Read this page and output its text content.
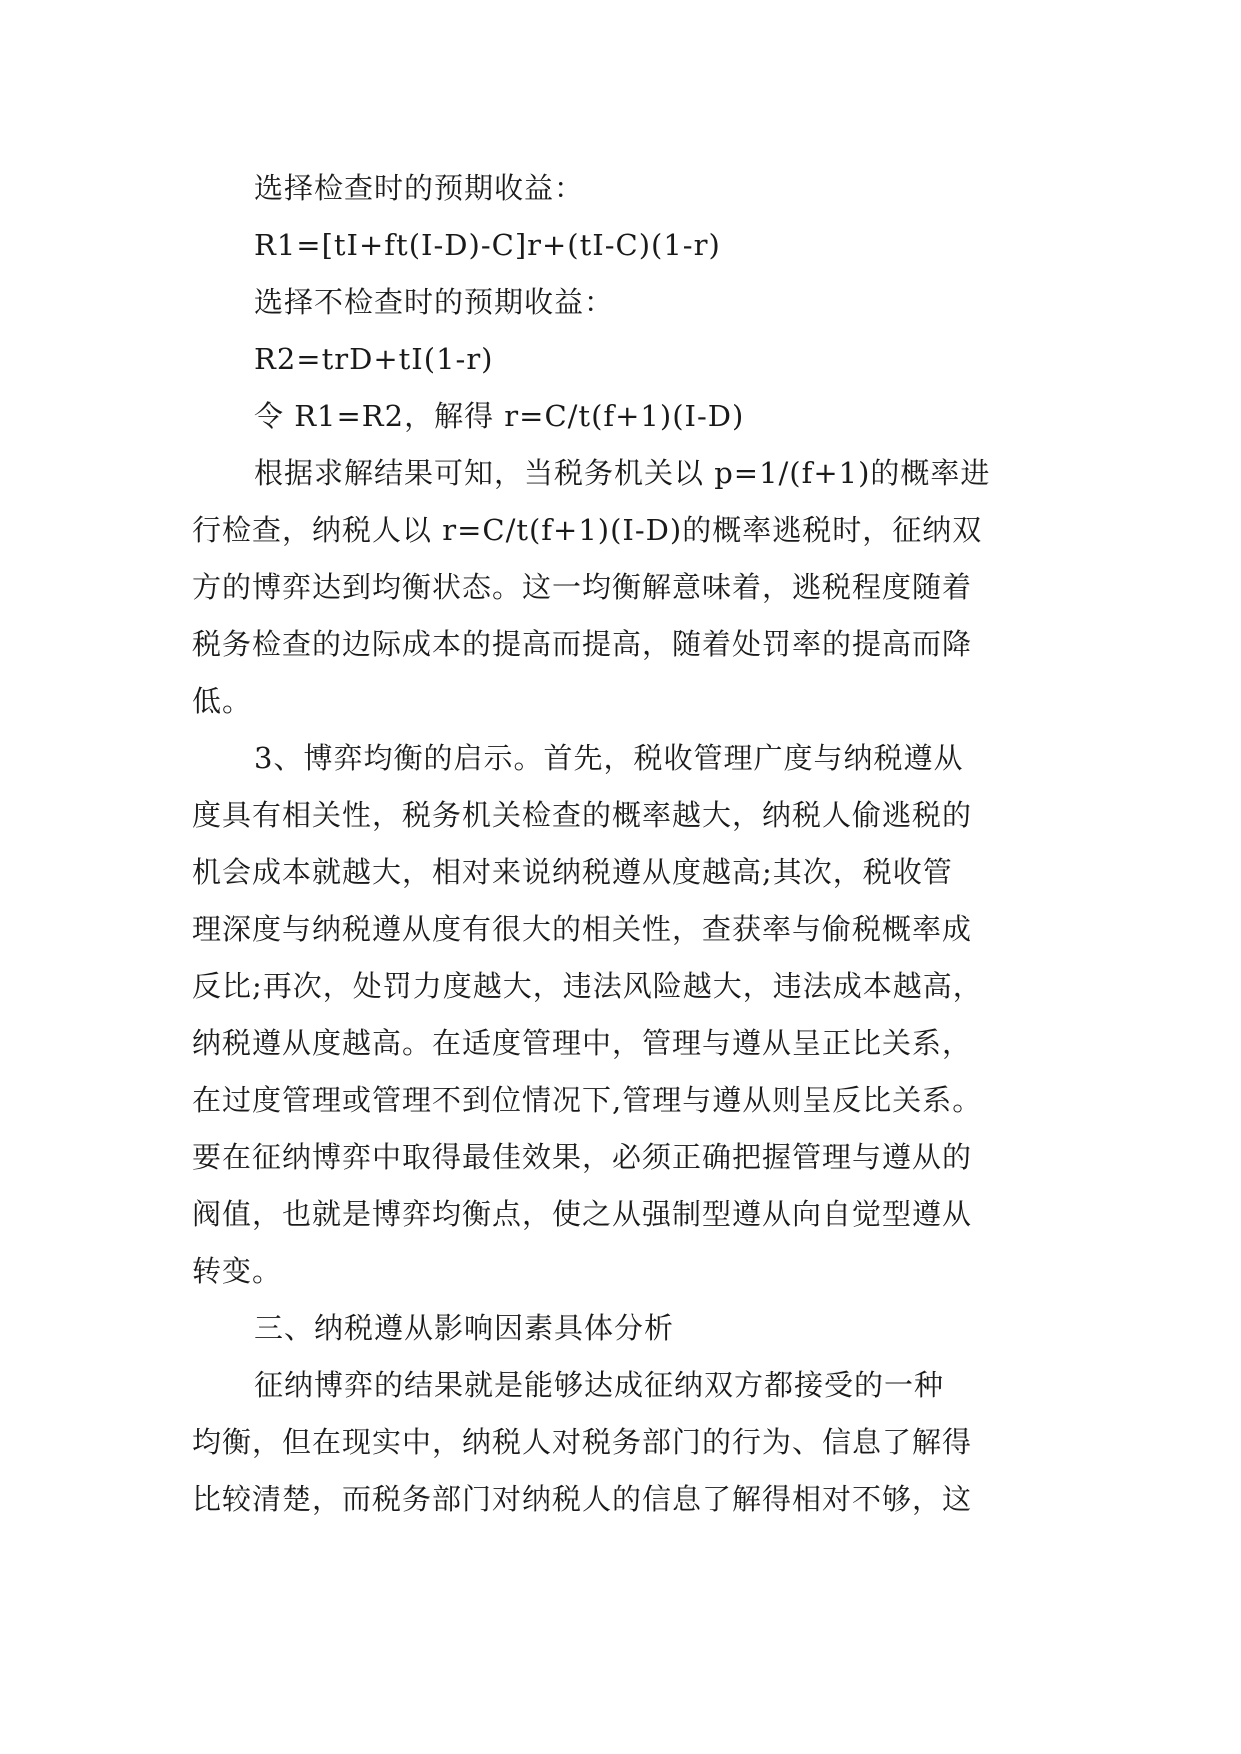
选择检查时的预期收益：
R1=[tI+ft(I-D)-C]r+(tI-C)(1-r)
选择不检查时的预期收益：
R2=trD+tI(1-r)
令 R1=R2，解得 r=C/t(f+1)(I-D)
根据求解结果可知，当税务机关以 p=1/(f+1)的概率进
行检查，纳税人以 r=C/t(f+1)(I-D)的概率逃税时，征纳双
方的博弈达到均衡状态。这一均衡解意味着，逃税程度随着
税务检查的边际成本的提高而提高，随着处罚率的提高而降
低。
3、博弈均衡的启示。首先，税收管理广度与纳税遵从
度具有相关性，税务机关检查的概率越大，纳税人偷逃税的
机会成本就越大，相对来说纳税遵从度越高;其次，税收管
理深度与纳税遵从度有很大的相关性，查获率与偷税概率成
反比;再次，处罚力度越大，违法风险越大，违法成本越高，
纳税遵从度越高。在适度管理中，管理与遵从呈正比关系，
在过度管理或管理不到位情况下,管理与遵从则呈反比关系。
要在征纳博弈中取得最佳效果，必须正确把握管理与遵从的
阀值，也就是博弈均衡点，使之从强制型遵从向自觉型遵从
转变。
三、纳税遵从影响因素具体分析
征纳博弈的结果就是能够达成征纳双方都接受的一种
均衡，但在现实中，纳税人对税务部门的行为、信息了解得
比较清楚，而税务部门对纳税人的信息了解得相对不够，这
